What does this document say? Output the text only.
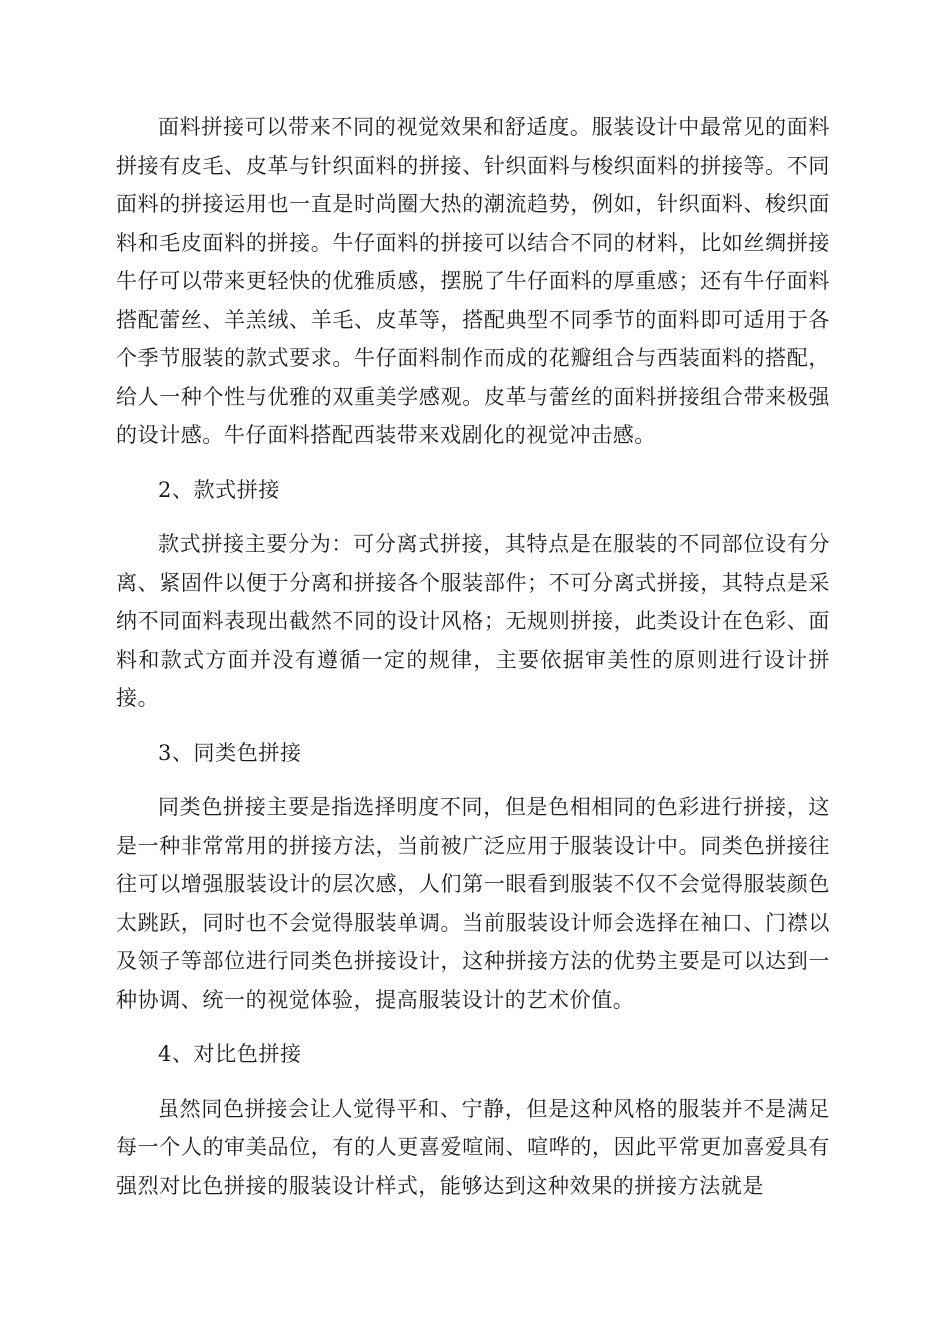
面料拼接可以带来不同的视觉效果和舒适度。服装设计中最常见的面料拼接有皮毛、皮革与针织面料的拼接、针织面料与梭织面料的拼接等。不同面料的拼接运用也一直是时尚圈大热的潮流趋势，例如，针织面料、梭织面料和毛皮面料的拼接。牛仔面料的拼接可以结合不同的材料，比如丝绸拼接牛仔可以带来更轻快的优雅质感，摆脱了牛仔面料的厚重感；还有牛仔面料搭配蕾丝、羊羔绒、羊毛、皮革等，搭配典型不同季节的面料即可适用于各个季节服装的款式要求。牛仔面料制作而成的花瓣组合与西装面料的搭配，给人一种个性与优雅的双重美学感观。皮革与蕾丝的面料拼接组合带来极强的设计感。牛仔面料搭配西装带来戏剧化的视觉冲击感。

2、款式拼接

款式拼接主要分为：可分离式拼接，其特点是在服装的不同部位设有分离、紧固件以便于分离和拼接各个服装部件；不可分离式拼接，其特点是采纳不同面料表现出截然不同的设计风格；无规则拼接，此类设计在色彩、面料和款式方面并没有遵循一定的规律，主要依据审美性的原则进行设计拼接。

3、同类色拼接

同类色拼接主要是指选择明度不同，但是色相相同的色彩进行拼接，这是一种非常常用的拼接方法，当前被广泛应用于服装设计中。同类色拼接往往可以增强服装设计的层次感，人们第一眼看到服装不仅不会觉得服装颜色太跳跃，同时也不会觉得服装单调。当前服装设计师会选择在袖口、门襟以及领子等部位进行同类色拼接设计，这种拼接方法的优势主要是可以达到一种协调、统一的视觉体验，提高服装设计的艺术价值。

4、对比色拼接

虽然同色拼接会让人觉得平和、宁静，但是这种风格的服装并不是满足每一个人的审美品位，有的人更喜爱喧闹、喧哗的，因此平常更加喜爱具有强烈对比色拼接的服装设计样式，能够达到这种效果的拼接方法就是
